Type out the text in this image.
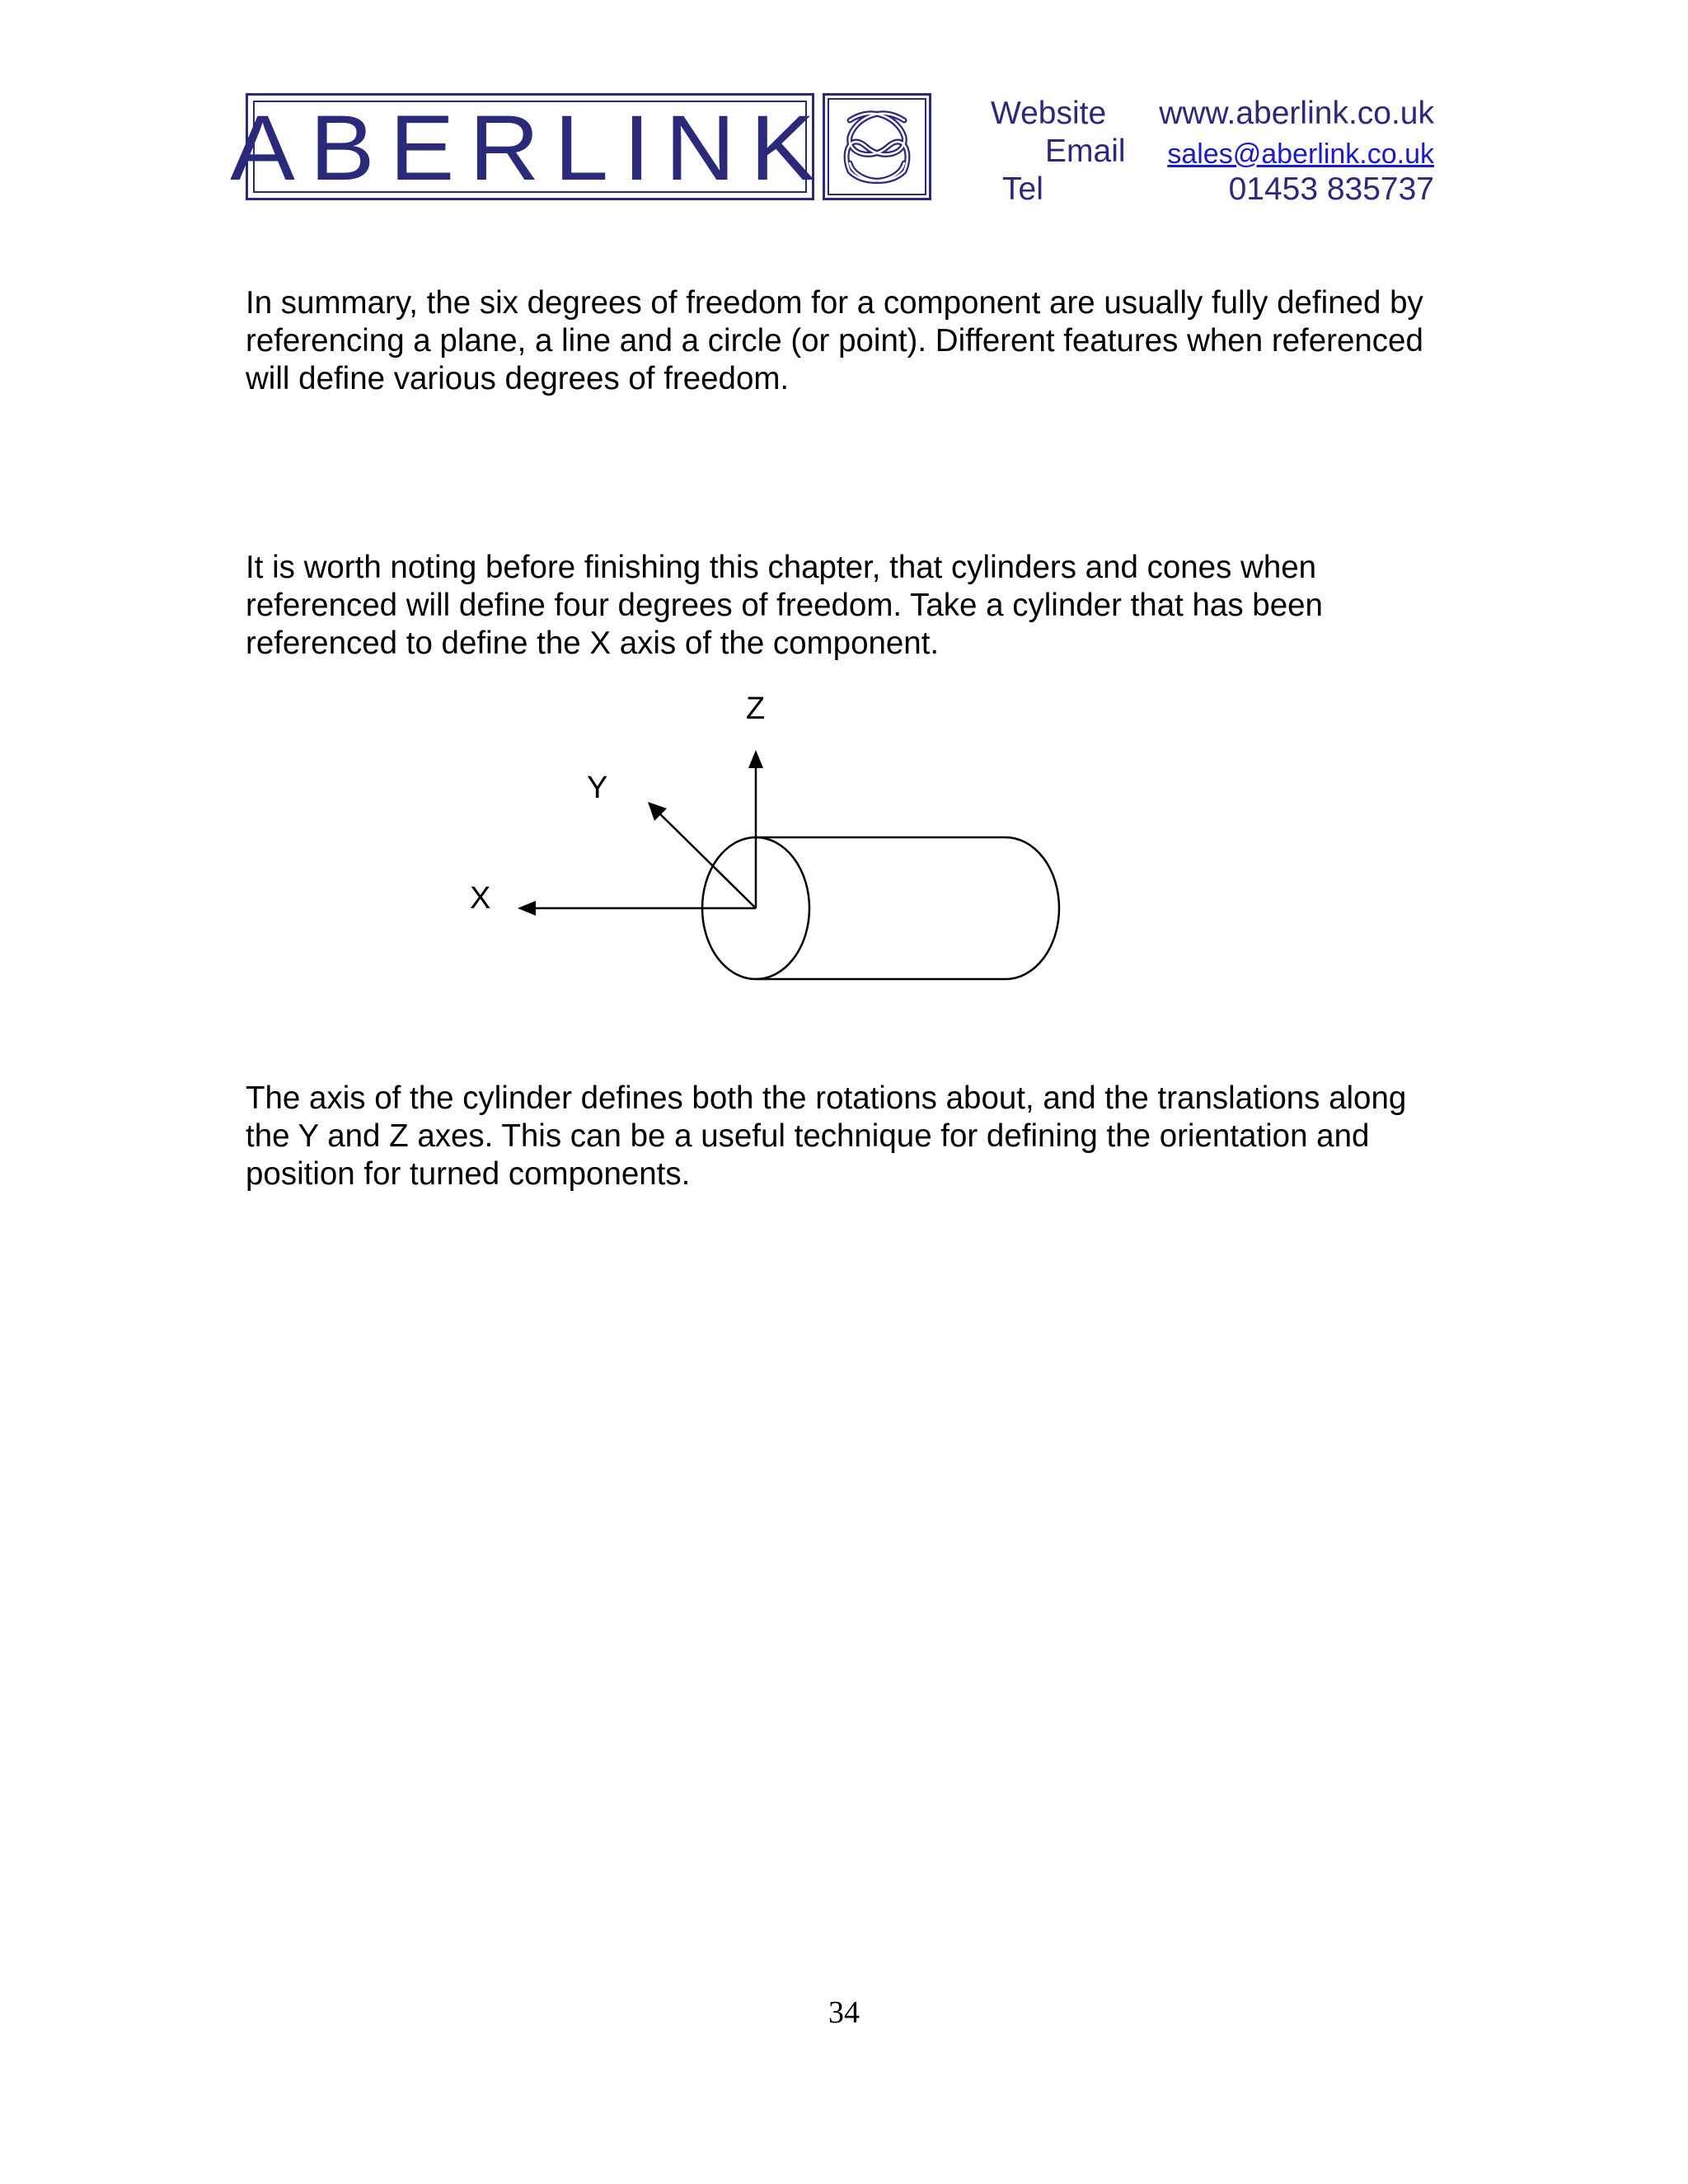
ABERLINK	Website www.aberlink.co.uk
Email sales@aberlink.co.uk
Tel	01453 835737

In summary, the six degrees of freedom for a component are usually fully defined by referencing a plane, a line and a circle (or point). Different features when referenced will define various degrees of freedom.

It is worth noting before finishing this chapter, that cylinders and cones when referenced will define four degrees of freedom. Take a cylinder that has been referenced to define the X axis of the component.

Z
Y
X

The axis of the cylinder defines both the rotations about, and the translations along the Y and Z axes. This can be a useful technique for defining the orientation and position for turned components.

34
